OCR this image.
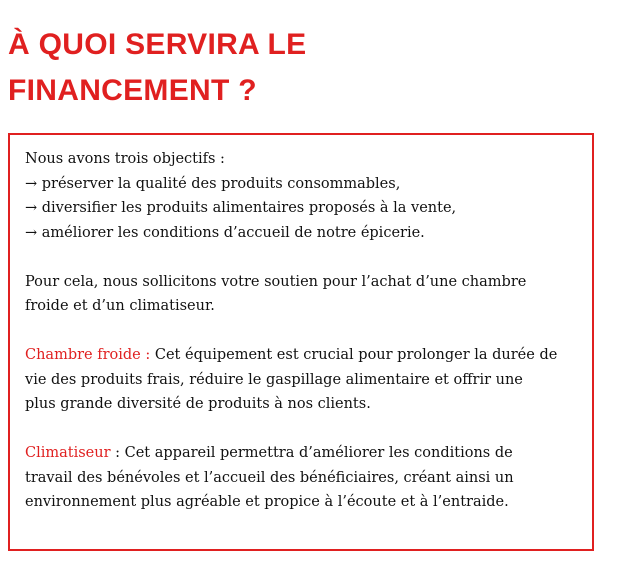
À QUOI SERVIRA LE
FINANCEMENT ?

Nous avons trois objectifs :

→ préserver la qualité des produits consommables,

→ diversifier les produits alimentaires proposés à la vente,

→ améliorer les conditions d’accueil de notre épicerie.

Pour cela, nous sollicitons votre soutien pour l’achat d’une chambre

froide et d’un climatiseur.

Chambre froide : Cet équipement est crucial pour prolonger la durée de

vie des produits frais, réduire le gaspillage alimentaire et offrir une

plus grande diversité de produits à nos clients.

Climatiseur : Cet appareil permettra d’améliorer les conditions de

travail des bénévoles et l’accueil des bénéficiaires, créant ainsi un

environnement plus agréable et propice à l’écoute et à l’entraide.
